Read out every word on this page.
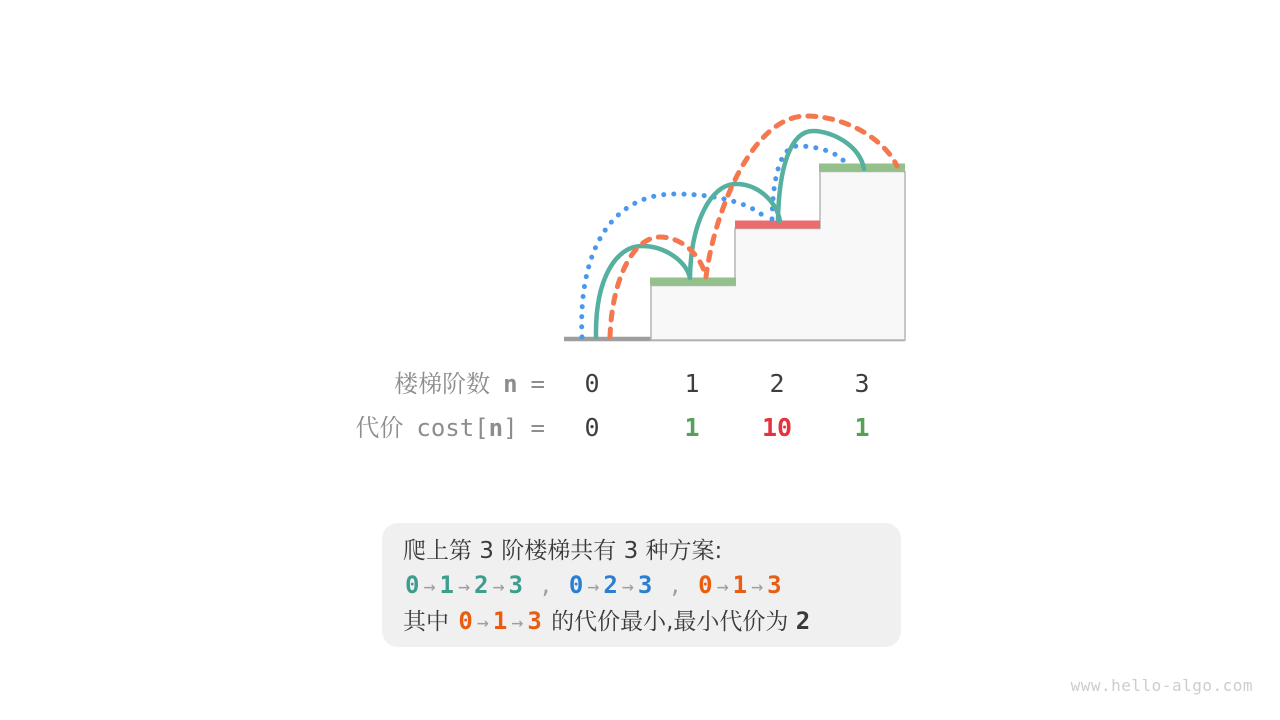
楼梯阶数 n = 0	1	2	3
代价 cost[n] = 0	1 10 1
爬上第 3 阶楼梯共有 3 种方案:
0 → 1 → 2 → 3 , 0 → 2 → 3 , 0 → 1 → 3
其中 0 → 1 → 3 的代价最小,最小代价为 2
www.hello-algo.com
